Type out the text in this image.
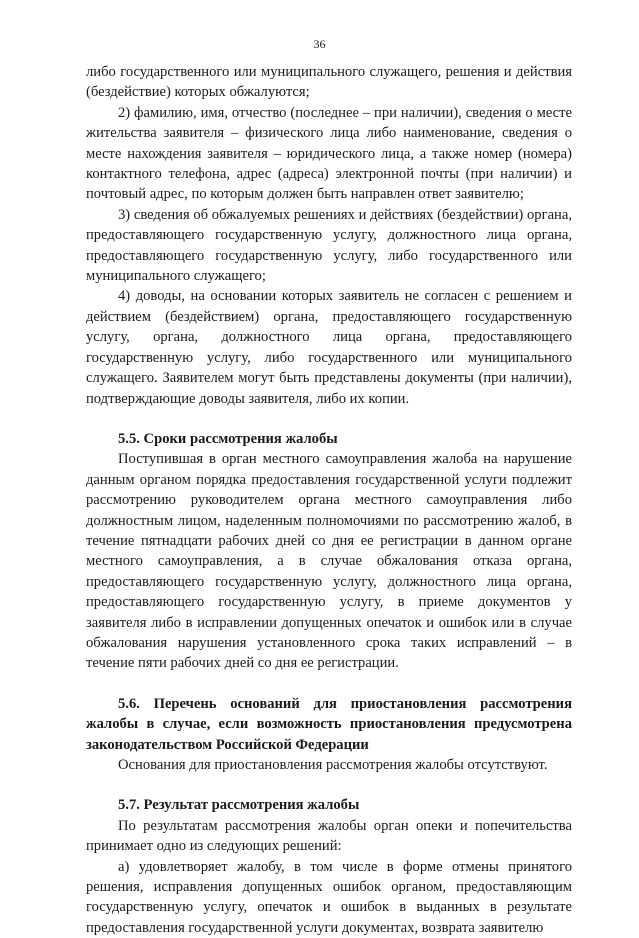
36

либо государственного или муниципального служащего, решения и действия (бездействие) которых обжалуются;

2) фамилию, имя, отчество (последнее – при наличии), сведения о месте жительства заявителя – физического лица либо наименование, сведения о месте нахождения заявителя – юридического лица, а также номер (номера) контактного телефона, адрес (адреса) электронной почты (при наличии) и почтовый адрес, по которым должен быть направлен ответ заявителю;

3) сведения об обжалуемых решениях и действиях (бездействии) органа, предоставляющего государственную услугу, должностного лица органа, предоставляющего государственную услугу, либо государственного или муниципального служащего;

4) доводы, на основании которых заявитель не согласен с решением и действием (бездействием) органа, предоставляющего государственную услугу, органа, должностного лица органа, предоставляющего государственную услугу, либо государственного или муниципального служащего. Заявителем могут быть представлены документы (при наличии), подтверждающие доводы заявителя, либо их копии.

5.5. Сроки рассмотрения жалобы

Поступившая в орган местного самоуправления жалоба на нарушение данным органом порядка предоставления государственной услуги подлежит рассмотрению руководителем органа местного самоуправления либо должностным лицом, наделенным полномочиями по рассмотрению жалоб, в течение пятнадцати рабочих дней со дня ее регистрации в данном органе местного самоуправления, а в случае обжалования отказа органа, предоставляющего государственную услугу, должностного лица органа, предоставляющего государственную услугу, в приеме документов у заявителя либо в исправлении допущенных опечаток и ошибок или в случае обжалования нарушения установленного срока таких исправлений – в течение пяти рабочих дней со дня ее регистрации.

5.6. Перечень оснований для приостановления рассмотрения жалобы в случае, если возможность приостановления предусмотрена законодательством Российской Федерации

Основания для приостановления рассмотрения жалобы отсутствуют.

5.7. Результат рассмотрения жалобы

По результатам рассмотрения жалобы орган опеки и попечительства принимает одно из следующих решений:

а) удовлетворяет жалобу, в том числе в форме отмены принятого решения, исправления допущенных ошибок органом, предоставляющим государственную услугу, опечаток и ошибок в выданных в результате предоставления государственной услуги документах, возврата заявителю
